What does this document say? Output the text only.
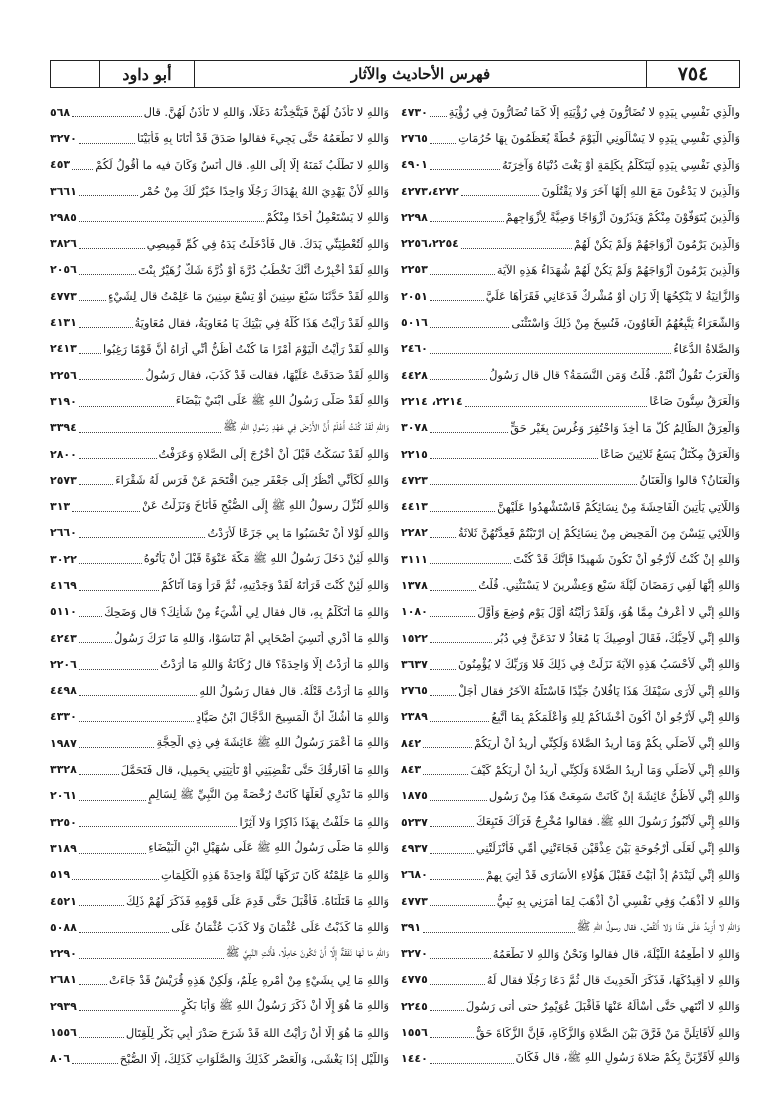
٧٥٤
فهرس الأحاديث والآثار
أبو داود
والَّذِي نَفْسِي بِيَدِهِ لا تُضَارُّونَ فِي رُؤْيَتِهِ إِلَّا كَمَا تُضَارُّونَ فِي رُؤْيَةِ
٤٧٣٠
وَالَّذِي نَفْسِي بِيَدِهِ لا يَسْأَلُونِي الْيَوْمَ خُطَّةً يُعَظِّمُونَ بِهَا حُرُمَاتِ
٢٧٦٥
وَالَّذِي نَفْسِي بِيَدِهِ لَيَتَكَلَّمُ بِكَلِمَةٍ أَوْ يَغْتَ دُنْيَاهُ وَآخِرَتَهُ
٤٩٠١
وَالَّذِينَ لا يَدْعُونَ مَعَ اللهِ إِلَهًا آخَرَ وَلا يَقْتُلُونَ
٤٢٧٣،٤٢٧٢
وَالَّذِينَ يُتَوَفَّوْنَ مِنْكُمْ وَيَذَرُونَ أَزْوَاجًا وَصِيَّةً لِأَزْوَاجِهِمْ
٢٢٩٨
وَالَّذِينَ يَرْمُونَ أَزْوَاجَهُمْ وَلَمْ يَكُنْ لَهُمْ
٢٢٥٦،٢٢٥٤
وَالَّذِينَ يَرْمُونَ أَزْوَاجَهُمْ وَلَمْ يَكُنْ لَهُمْ شُهَدَاءُ هَذِهِ الآيَة
٢٢٥٣
وَالزَّانِيَةُ لا يَنْكِحُهَا إِلَّا زَانٍ أَوْ مُشْرِكٌ فَدَعَانِي فَقَرَأَهَا عَلَيَّ
٢٠٥١
وَالشُّعَرَاءُ يَتَّبِعُهُمُ الْغَاوُونَ، فَنُسِخَ مِنْ ذَلِكَ وَاسْتَثْنَى
٥٠١٦
وَالصَّلاةُ الدُّعَاءُ
٢٤٦٠
وَالْعَرَبُ تَقُولُ أَنْتُمْ. قُلْتُ وَمَنِ النَّسَمَةُ؟ قال قال رَسُولُ
٤٤٢٨
وَالْعَرَقُ سِتُّونَ صَاعًا
٢٢١٤، ٢٢١٤
وَالْعِرَقُ الظَّالِمُ كُلُّ مَا أُخِذَ وَاحْتُفِرَ وَغُرِسَ بِغَيْرِ حَقٍّ
٣٠٧٨
وَالْعَرَقُ مِكْتَلٌ يَسَعُ ثَلاثِينَ صَاعًا
٢٢١٥
وَالْعَنَانُ؟ قالوا وَالْعَنَانُ
٤٧٢٣
وَاللَّاتِي يَأْتِينَ الْفَاحِشَةَ مِنْ نِسَائِكُمْ فَاسْتَشْهِدُوا عَلَيْهِنَّ
٤٤١٣
وَاللَّائِي يَئِسْنَ مِنَ الْمَحِيضِ مِنْ نِسَائِكُمْ إِنِ ارْتَبْتُمْ فَعِدَّتُهُنَّ ثَلاثَةُ
٢٢٨٢
وَاللهِ إِنْ كُنْتُ لَأَرْجُو أَنْ تَكُونَ شَهِيدًا فَإِنَّكَ قَدْ كُنْتَ
٣١١١
وَاللهِ إِنَّهَا لَفِي رَمَضَانَ لَيْلَةَ سَبْعٍ وَعِشْرِينَ لا يَسْتَثْنِي. قُلْتُ
١٣٧٨
وَاللهِ إِنِّي لا أَعْرِفُ مِمَّا هُوَ، وَلَقَدْ رَأَيْتُهُ أَوَّلَ يَوْمٍ وُضِعَ وَأَوَّلَ
١٠٨٠
وَاللهِ إِنِّي لَأُحِبُّكَ، فَقَالَ أُوصِيكَ يَا مُعَاذُ لا تَدَعَنَّ فِي دُبُرِ
١٥٢٢
وَاللهِ إِنِّي لَأَحْسَبُ هَذِهِ الآيَةَ نَزَلَتْ فِي ذَلِكَ فَلا وَرَبِّكَ لا يُؤْمِنُونَ
٣٦٣٧
وَاللهِ إِنِّي لَأَرَى سَيْفَكَ هَذَا يَافُلانُ جَيِّدًا فَاسْتَلَّهُ الآخَرُ فقال أَجَلْ
٢٧٦٥
وَاللهِ إِنِّي لَأَرْجُو أَنْ أَكُونَ أَخْشَاكُمْ لِلهِ وَأَعْلَمَكُمْ بِمَا أَتَّبِعُ
٢٣٨٩
وَاللهِ إِنِّي لَأُصَلِّي بِكُمْ وَمَا أُرِيدُ الصَّلاةَ وَلَكِنِّي أُرِيدُ أَنْ أُرِيَكُمْ
٨٤٢
وَاللهِ إِنِّي لَأُصَلِّي وَمَا أُرِيدُ الصَّلاةَ وَلَكِنِّي أُرِيدُ أَنْ أُرِيَكُمْ كَيْفَ
٨٤٣
وَاللهِ إِنِّي لَأَظُنُّ عَائِشَةَ إِنْ كَانَتْ سَمِعَتْ هَذَا مِنْ رَسُولِ
١٨٧٥
وَاللهِ إِنِّي لَأَنْبُوزُ رَسُولَ اللهِ ﷺ. فقالوا مُخْرِجٌ فَرَآكَ فَتَبِعَكَ
٥٢٣٧
وَاللهِ إِنِّي لَعَلَى أُرْجُوحَةٍ بَيْنَ عِذْقَيْنِ فَجَاءَتْنِي أُمِّي فَأَنْزَلَتْنِي
٤٩٣٧
وَاللهِ إِنِّي لَيَنْدَمُ إِذْ أَبَيْتُ فَقَبْلَ هَؤُلاءِ الأَسَارَى قَدْ أُتِيَ بِهِمْ
٢٦٨٠
وَاللهِ لا أَذْهَبُ وَفِي نَفْسِي أَنْ أَذْهَبَ لِمَا أَمَرَنِي بِهِ نَبِيُّ
٤٧٧٣
وَاللهِ لا أَزِيدُ عَلَى هَذَا وَلا أَنْقُصُ. فقال رسولُ اللهِ ﷺ
٣٩١
وَاللهِ لا أُطْعِمُهُ اللَّيْلَةَ، قال فقالوا وَنَحْنُ وَاللهِ لا نَطْعَمُهُ
٣٢٧٠
وَاللهِ لا أُقِيدُكَهَا، فَذَكَرَ الْحَدِيثَ قال ثُمَّ دَعَا رَجُلًا فقال لَهُ
٤٧٧٥
وَاللهِ لا أَنْتَهِي حَتَّى أَسْأَلَهُ عَنْهَا فَأَقْبَلَ عُوَيْمِرٌ حتى أتى رَسُولَ
٢٢٤٥
وَاللهِ لَأُقَاتِلَنَّ مَنْ فَرَّقَ بَيْنَ الصَّلاةِ وَالزَّكَاةِ، فَإِنَّ الزَّكَاةَ حَقٌّ
١٥٥٦
وَاللهِ لَأُقَرِّبَنَّ بِكُمْ صَلاةَ رَسُولِ اللهِ ﷺ، قال فَكَانَ
١٤٤٠
وَاللهِ لا تَأْذَنُ لَهُنَّ فَيَتَّخِذْنَهُ دَغَلًا، وَاللهِ لا تَأْذَنُ لَهُنَّ. قال
٥٦٨
وَاللهِ لا نَطْعَمُهُ حَتَّى يَجِيءَ فقالوا صَدَقَ قَدْ أَتَانَا بِهِ فَأَبَيْنَا
٣٢٧٠
وَاللهِ لا تَطْلُبُ ثَمَنَهُ إِلَّا إِلَى اللهِ. قال أَنَسٌ وَكَانَ فيه ما أَقُولُ لَكُمْ
٤٥٣
وَاللهِ لَأَنْ يَهْدِيَ اللهُ بِهُدَاكَ رَجُلًا وَاحِدًا خَيْرٌ لَكَ مِنْ حُمْرِ
٣٦٦١
وَاللهِ لا يَسْتَعْمِلُ أَحَدًا مِنْكُمْ
٢٩٨٥
وَاللهِ لَتُعْطِيَنِّي يَدَكَ. قال فَأَدْخَلْتُ يَدَهُ فِي كُمِّ قَمِيصِي
٣٨٢٦
وَاللهِ لَقَدْ أُخْبِرْتُ أَنَّكَ تَخْطُبُ دُرَّةَ أَوْ ذُرَّةَ شَكَّ زُهَيْرٌ بِنْتَ
٢٠٥٦
وَاللهِ لَقَدْ حَدَّثَنَا سَبْعَ سِنِينَ أَوْ تِسْعَ سِنِينَ مَا عَلِمْتُ قال لِشَيْءٍ
٤٧٧٣
وَاللهِ لَقَدْ رَأَيْتُ هَذَا كُلَّهُ فِي بَيْتِكَ يَا مُعَاوِيَةُ، فقال مُعَاوِيَةُ
٤١٣١
وَاللهِ لَقَدْ رَأَيْتُ الْيَوْمَ أَمْرًا مَا كُنْتُ أَظُنُّ أَنِّي أَرَاهُ أَنَّ قَوْمًا رَغِبُوا
٢٤١٣
وَاللهِ لَقَدْ صَدَقَتْ عَلَيْهَا، فقالت قَدْ كَذَبَ، فقال رَسُولُ
٢٢٥٦
وَاللهِ لَقَدْ صَلَّى رَسُولُ اللهِ ﷺ عَلَى ابْنَيْ بَيْضَاءَ
٣١٩٠
وَاللهِ لَقَدْ كُنْتُ أَعْلَمُ أَنَّ الأَرْضَ فِي عَهْدِ رَسُولِ اللهِ ﷺ
٣٣٩٤
وَاللهِ لَقَدْ نَسَكْتُ قَبْلَ أَنْ أَخْرُجَ إِلَى الصَّلاةِ وَعَرَفْتُ
٢٨٠٠
وَاللهِ لَكَأَنِّي أَنْظُرُ إِلَى جَعْفَرٍ حِينَ اقْتَحَمَ عَنْ فَرَسٍ لَهُ شَقْرَاءَ
٢٥٧٣
وَاللهِ لَنُزِّلَ رسولُ اللهِ ﷺ إِلَى الصُّبْحِ فَأَنَاخَ وَنَزَلْتُ عَنْ
٣١٣
وَاللهِ لَوْلا أَنْ تَحْسَبُوا مَا بِي جَزَعًا لَأَرَدْتُ
٢٦٦٠
وَاللهِ لَئِنْ دَخَلَ رَسُولُ اللهِ ﷺ مَكَّةَ عَنْوَةً قَبْلَ أَنْ يَأْتُوهُ
٣٠٢٢
وَاللهِ لَئِنْ كُنْتَ قَرَأْتَهُ لَقَدْ وَجَدْتِيهِ، ثُمَّ قَرَأَ وَمَا آتَاكُمْ
٤١٦٩
وَاللهِ مَا أَتَكَلَّمُ بِهِ، قال فقال لِي أَشْيَءٌ مِنْ شَأْنِكَ؟ قال وَضَحِكَ
٥١١٠
وَاللهِ مَا أَدْرِي أَنَسِيَ أَصْحَابِي أَمْ تَنَاسَوْا، وَاللهِ مَا تَرَكَ رَسُولُ
٤٢٤٣
وَاللهِ مَا أَرَدْتُ إِلَّا وَاحِدَةً؟ قال رُكَانَةُ وَاللهِ مَا أَرَدْتُ
٢٢٠٦
وَاللهِ مَا أَرَدْتُ قَتْلَهُ. قال فقال رَسُولُ اللهِ
٤٤٩٨
وَاللهِ مَا أَشُكُّ أَنَّ الْمَسِيحَ الدَّجَّالَ ابْنُ صَيَّادٍ
٤٣٣٠
وَاللهِ مَا أَعْمَرَ رَسُولُ اللهِ ﷺ عَائِشَةَ فِي ذِي الْحِجَّةِ
١٩٨٧
وَاللهِ مَا أُفَارِقُكَ حَتَّى تَقْضِيَنِي أَوْ تَأْتِيَنِي بِحَمِيلٍ، قال فَتَحَمَّلَ
٣٣٢٨
وَاللهِ مَا تَدْرِي لَعَلَّهَا كَانَتْ رُخْصَةً مِنَ النَّبِيِّ ﷺ لِسَالِمٍ
٢٠٦١
وَاللهِ مَا حَلَفْتُ بِهَذَا ذَاكِرًا وَلا آثِرًا
٣٢٥٠
وَاللهِ مَا صَلَّى رَسُولُ اللهِ ﷺ عَلَى سُهَيْلِ ابْنِ الْبَيْضَاءِ
٣١٨٩
وَاللهِ مَا عَلِمْتُهُ كَانَ تَرَكَهَا لَيْلَةً وَاحِدَةً هَذِهِ الْكَلِمَاتِ
٥١٩
وَاللهِ مَا قَتَلْنَاهُ. فَأَقْبَلَ حَتَّى قَدِمَ عَلَى قَوْمِهِ فَذَكَرَ لَهُمْ ذَلِكَ
٤٥٢١
وَاللهِ مَا كَذَبْتُ عَلَى عُثْمَانَ وَلا كَذَبَ عُثْمَانُ عَلَى
٥٠٨٨
وَاللهِ مَا لَهَا نَفَقَةٌ إِلَّا أَنْ تَكُونَ حَامِلًا، فَأَتَتِ النَّبِيَّ ﷺ
٢٢٩٠
وَاللهِ مَا لِي بِشَيْءٍ مِنْ أَمْرِهِ عِلْمٌ، وَلَكِنْ هَذِهِ قُرَيْشٌ قَدْ جَاءَتْ
٢٦٨١
وَاللهِ مَا هُوَ إِلَّا أَنْ ذَكَرَ رَسُولُ اللهِ ﷺ وَأَبَا بَكْرٍ
٢٩٣٩
وَاللهِ مَا هُوَ إِلَّا أَنْ رَأَيْتُ اللهَ قَدْ شَرَحَ صَدْرَ أَبِي بَكْرٍ لِلْقِتَالِ
١٥٥٦
وَاللَّيْلِ إِذَا يَغْشَى، وَالْعَصْرِ كَذَلِكَ وَالصَّلَوَاتِ كَذَلِكَ، إِلَّا الصُّبْحَ
٨٠٦
